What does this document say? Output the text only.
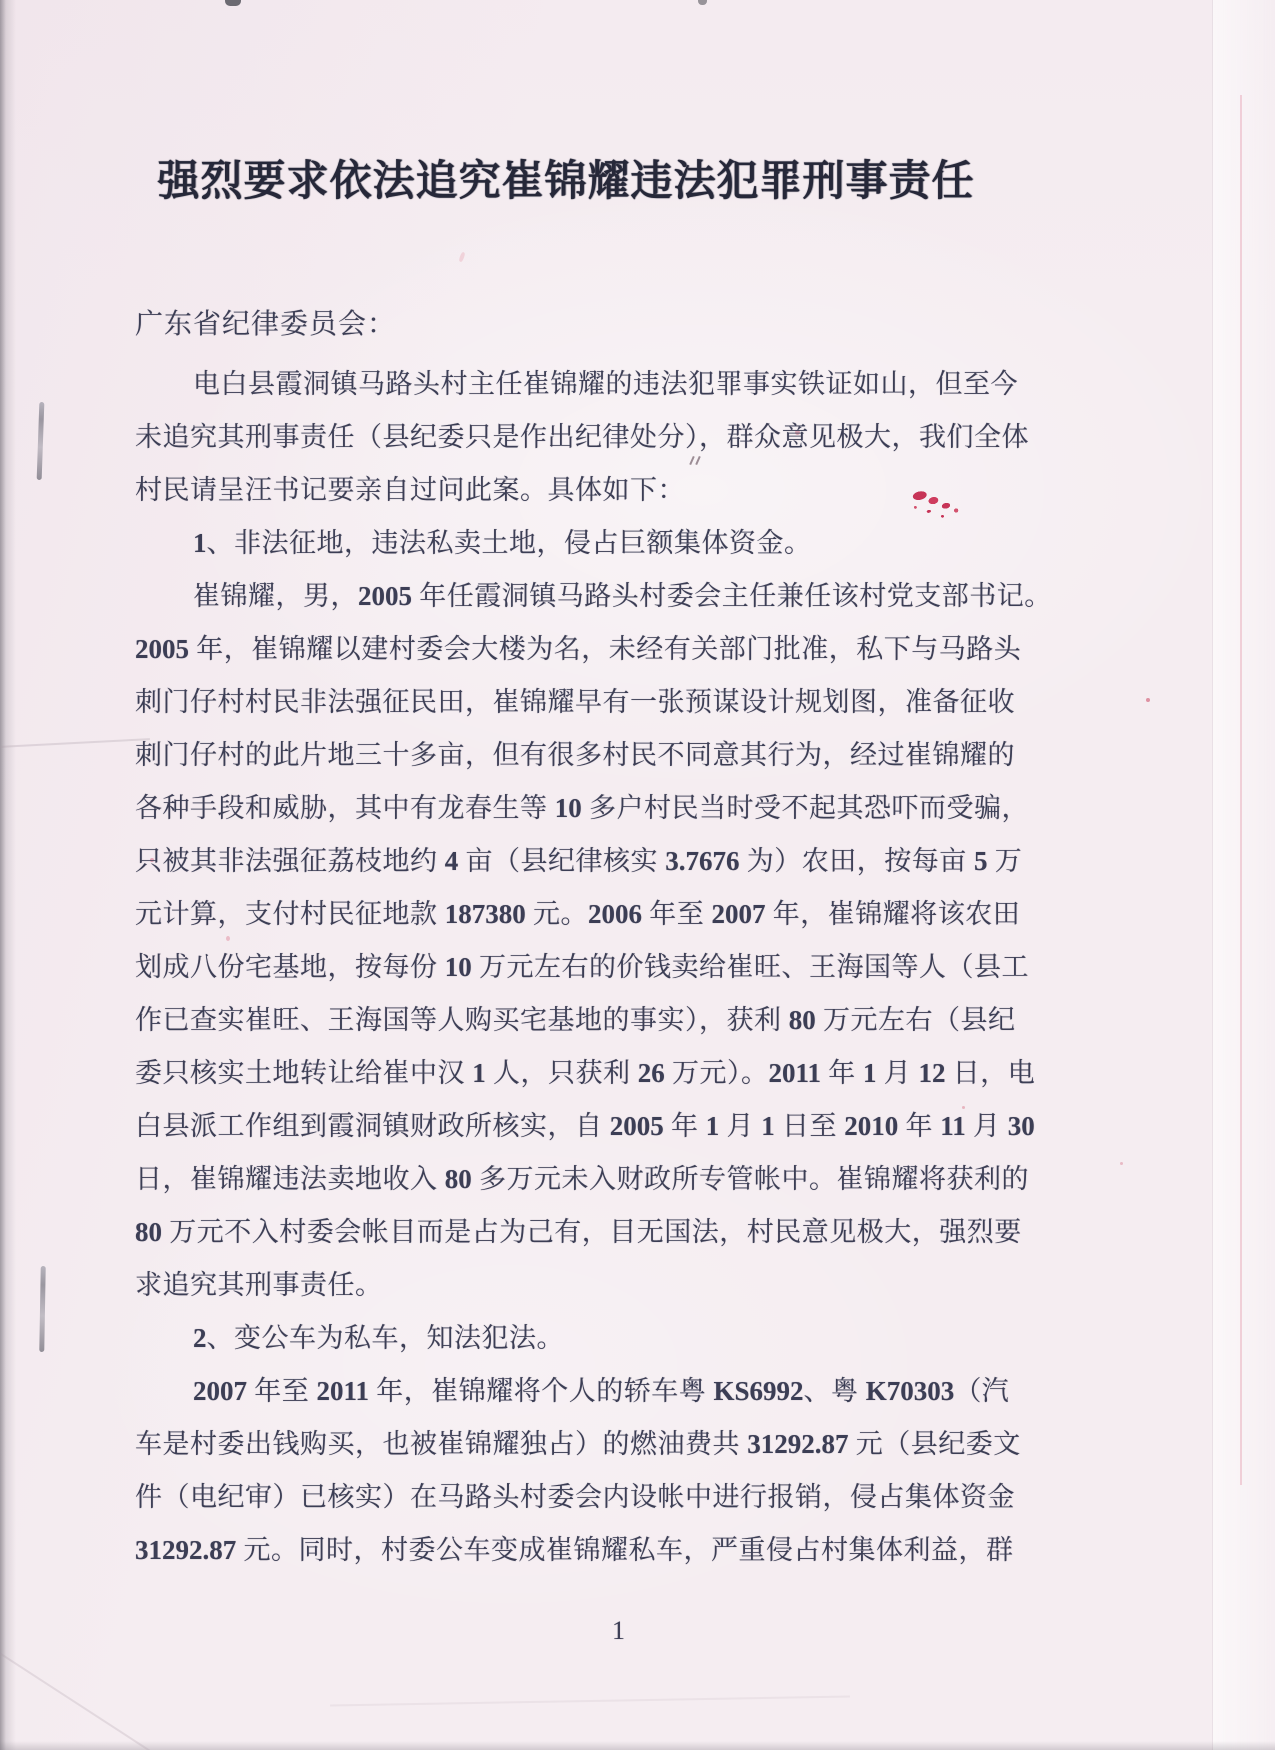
强烈要求依法追究崔锦耀违法犯罪刑事责任
广东省纪律委员会：
电白县霞洞镇马路头村主任崔锦耀的违法犯罪事实铁证如山，但至今
未追究其刑事责任（县纪委只是作出纪律处分），群众意见极大，我们全体
村民请呈汪书记要亲自过问此案。具体如下：
1、非法征地，违法私卖土地，侵占巨额集体资金。
崔锦耀，男，2005 年任霞洞镇马路头村委会主任兼任该村党支部书记。
2005 年，崔锦耀以建村委会大楼为名，未经有关部门批准，私下与马路头
刺门仔村村民非法强征民田，崔锦耀早有一张预谋设计规划图，准备征收
刺门仔村的此片地三十多亩，但有很多村民不同意其行为，经过崔锦耀的
各种手段和威胁，其中有龙春生等 10 多户村民当时受不起其恐吓而受骗，
只被其非法强征荔枝地约 4 亩（县纪律核实 3.7676 为）农田，按每亩 5 万
元计算，支付村民征地款 187380 元。2006 年至 2007 年，崔锦耀将该农田
划成八份宅基地，按每份 10 万元左右的价钱卖给崔旺、王海国等人（县工
作已查实崔旺、王海国等人购买宅基地的事实），获利 80 万元左右（县纪
委只核实土地转让给崔中汉 1 人，只获利 26 万元）。2011 年 1 月 12 日，电
白县派工作组到霞洞镇财政所核实，自 2005 年 1 月 1 日至 2010 年 11 月 30
日，崔锦耀违法卖地收入 80 多万元未入财政所专管帐中。崔锦耀将获利的
80 万元不入村委会帐目而是占为己有，目无国法，村民意见极大，强烈要
求追究其刑事责任。
2、变公车为私车，知法犯法。
2007 年至 2011 年，崔锦耀将个人的轿车粤 KS6992、粤 K70303（汽
车是村委出钱购买，也被崔锦耀独占）的燃油费共 31292.87 元（县纪委文
件（电纪审）已核实）在马路头村委会内设帐中进行报销，侵占集体资金
31292.87 元。同时，村委公车变成崔锦耀私车，严重侵占村集体利益，群
1
